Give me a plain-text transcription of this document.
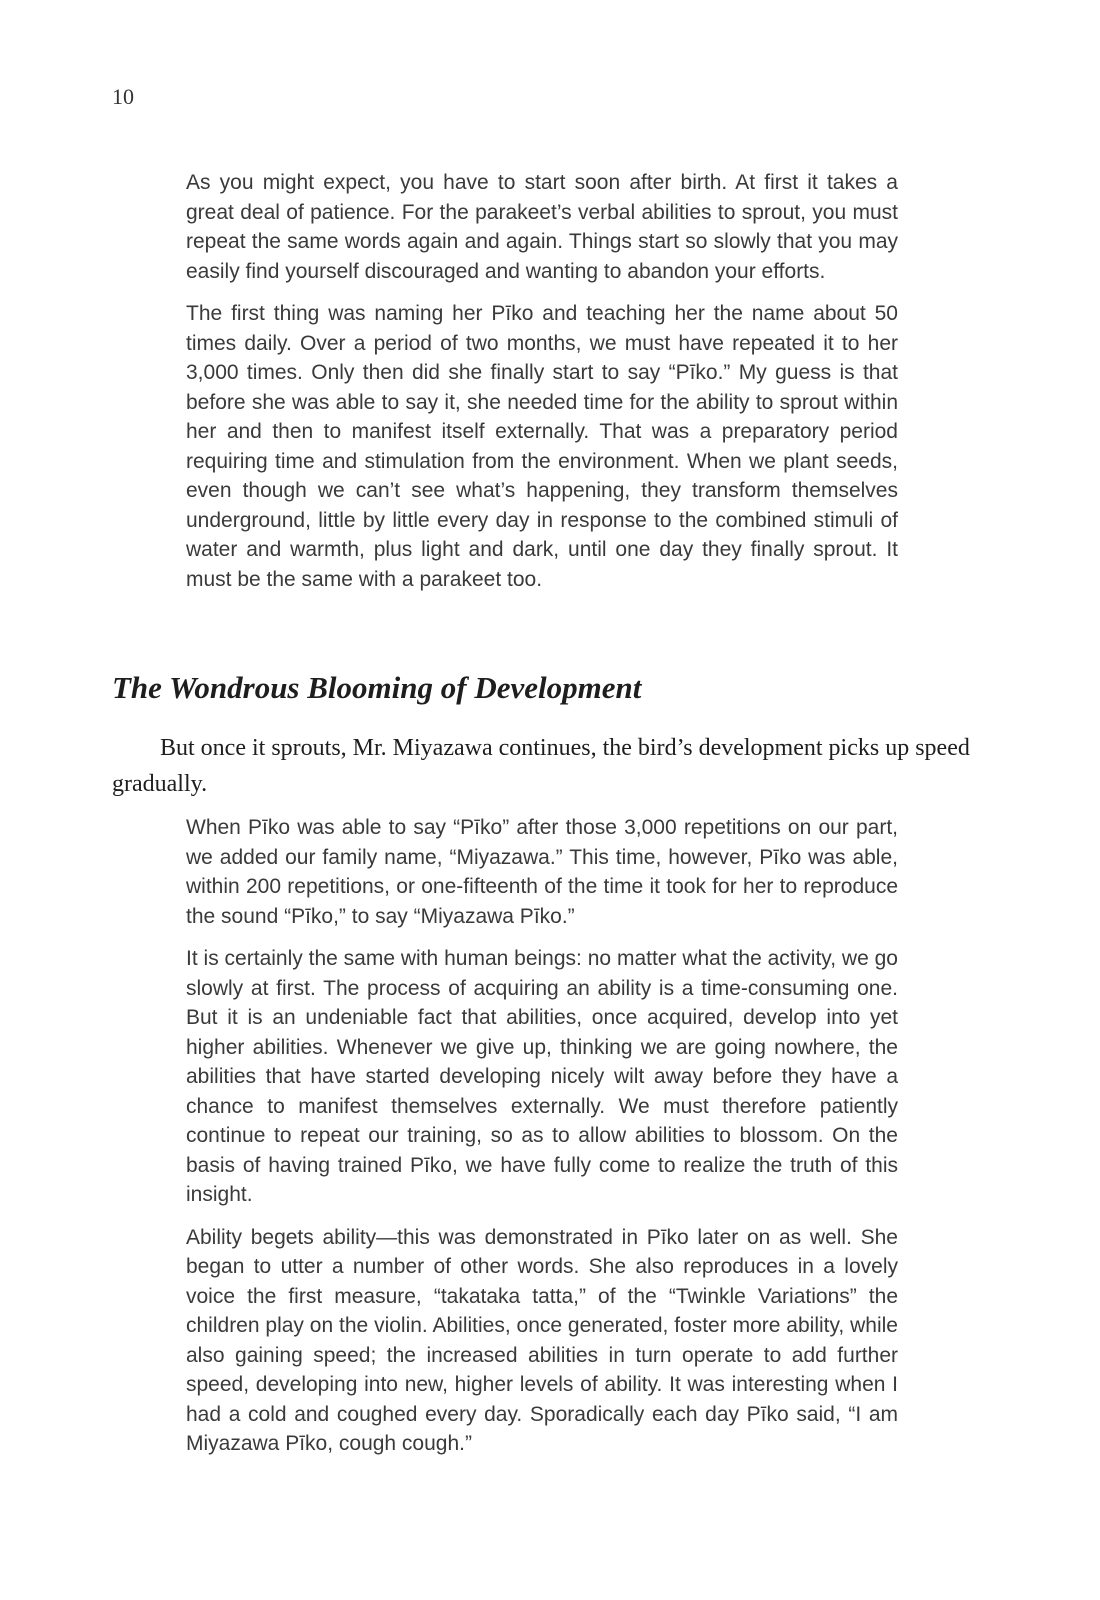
10

As you might expect, you have to start soon after birth. At first it takes a great deal of patience. For the parakeet’s verbal abilities to sprout, you must repeat the same words again and again. Things start so slowly that you may easily find yourself discouraged and wanting to abandon your efforts.

The first thing was naming her Pīko and teaching her the name about 50 times daily. Over a period of two months, we must have repeated it to her 3,000 times. Only then did she finally start to say “Pīko.” My guess is that before she was able to say it, she needed time for the ability to sprout within her and then to manifest itself externally. That was a preparatory period requiring time and stimulation from the environment. When we plant seeds, even though we can’t see what’s happening, they transform themselves underground, little by little every day in response to the combined stimuli of water and warmth, plus light and dark, until one day they finally sprout. It must be the same with a parakeet too.

The Wondrous Blooming of Development

But once it sprouts, Mr. Miyazawa continues, the bird’s development picks up speed gradually.

When Pīko was able to say “Pīko” after those 3,000 repetitions on our part, we added our family name, “Miyazawa.” This time, however, Pīko was able, within 200 repetitions, or one-fifteenth of the time it took for her to reproduce the sound “Pīko,” to say “Miyazawa Pīko.”

It is certainly the same with human beings: no matter what the activity, we go slowly at first. The process of acquiring an ability is a time-consuming one. But it is an undeniable fact that abilities, once acquired, develop into yet higher abilities. Whenever we give up, thinking we are going nowhere, the abilities that have started developing nicely wilt away before they have a chance to manifest themselves externally. We must therefore patiently continue to repeat our training, so as to allow abilities to blossom. On the basis of having trained Pīko, we have fully come to realize the truth of this insight.

Ability begets ability—this was demonstrated in Pīko later on as well. She began to utter a number of other words. She also reproduces in a lovely voice the first measure, “takataka tatta,” of the “Twinkle Variations” the children play on the violin. Abilities, once generated, foster more ability, while also gaining speed; the increased abilities in turn operate to add further speed, developing into new, higher levels of ability. It was interesting when I had a cold and coughed every day. Sporadically each day Pīko said, “I am Miyazawa Pīko, cough cough.”
